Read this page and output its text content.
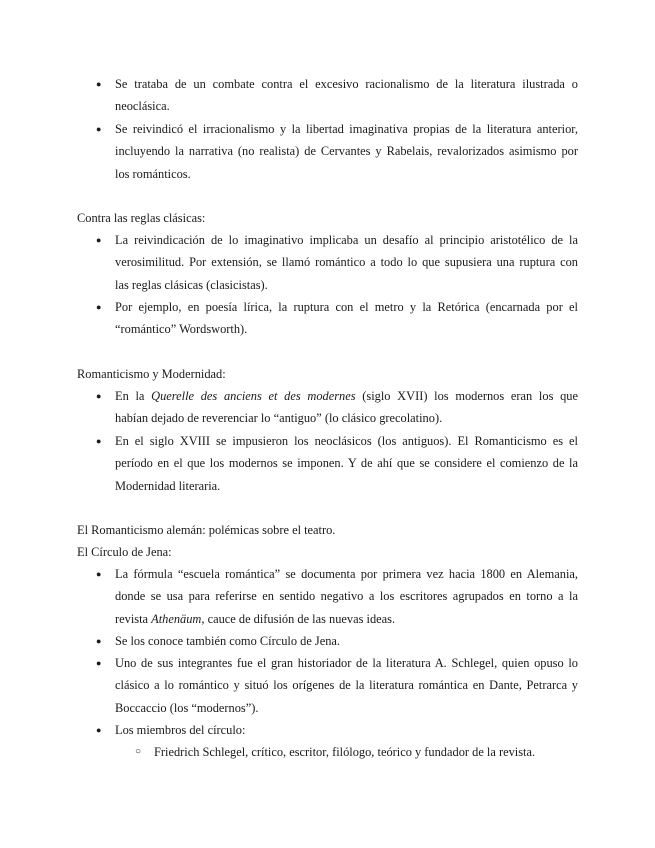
● Se trataba de un combate contra el excesivo racionalismo de la literatura ilustrada o
neoclásica.
● Se reivindicó el irracionalismo y la libertad imaginativa propias de la literatura anterior,
incluyendo la narrativa (no realista) de Cervantes y Rabelais, revalorizados asimismo por
los románticos.
Contra las reglas clásicas:
● La reivindicación de lo imaginativo implicaba un desafío al principio aristotélico de la
verosimilitud. Por extensión, se llamó romántico a todo lo que supusiera una ruptura con
las reglas clásicas (clasicistas).
● Por ejemplo, en poesía lírica, la ruptura con el metro y la Retórica (encarnada por el
“romántico” Wordsworth).
Romanticismo y Modernidad:
● En la Querelle des anciens et des modernes (siglo XVII) los modernos eran los que
habían dejado de reverenciar lo “antiguo” (lo clásico grecolatino).
● En el siglo XVIII se impusieron los neoclásicos (los antiguos). El Romanticismo es el
período en el que los modernos se imponen. Y de ahí que se considere el comienzo de la
Modernidad literaria.
El Romanticismo alemán: polémicas sobre el teatro.
El Círculo de Jena:
● La fórmula “escuela romántica” se documenta por primera vez hacia 1800 en Alemania,
donde se usa para referirse en sentido negativo a los escritores agrupados en torno a la
revista Athenäum, cauce de difusión de las nuevas ideas.
● Se los conoce también como Círculo de Jena.
● Uno de sus integrantes fue el gran historiador de la literatura A. Schlegel, quien opuso lo
clásico a lo romántico y situó los orígenes de la literatura romántica en Dante, Petrarca y
Boccaccio (los “modernos”).
● Los miembros del círculo:
○ Friedrich Schlegel, crítico, escritor, filólogo, teórico y fundador de la revista.
